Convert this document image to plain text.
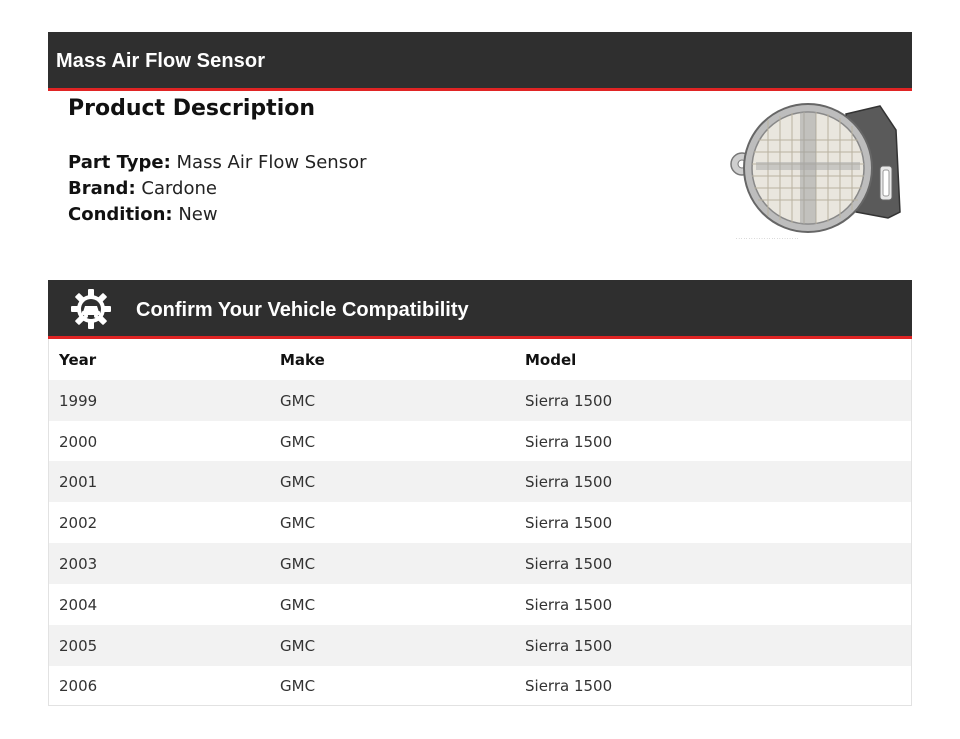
Mass Air Flow Sensor
Product Description
Part Type: Mass Air Flow Sensor
Brand: Cardone
Condition: New
· · · · · · · · · · · · · · · · · · · · · · · · ·
Confirm Your Vehicle Compatibility
Year	Make	Model
1999	GMC	Sierra 1500
2000	GMC	Sierra 1500
2001	GMC	Sierra 1500
2002	GMC	Sierra 1500
2003	GMC	Sierra 1500
2004	GMC	Sierra 1500
2005	GMC	Sierra 1500
2006	GMC	Sierra 1500
